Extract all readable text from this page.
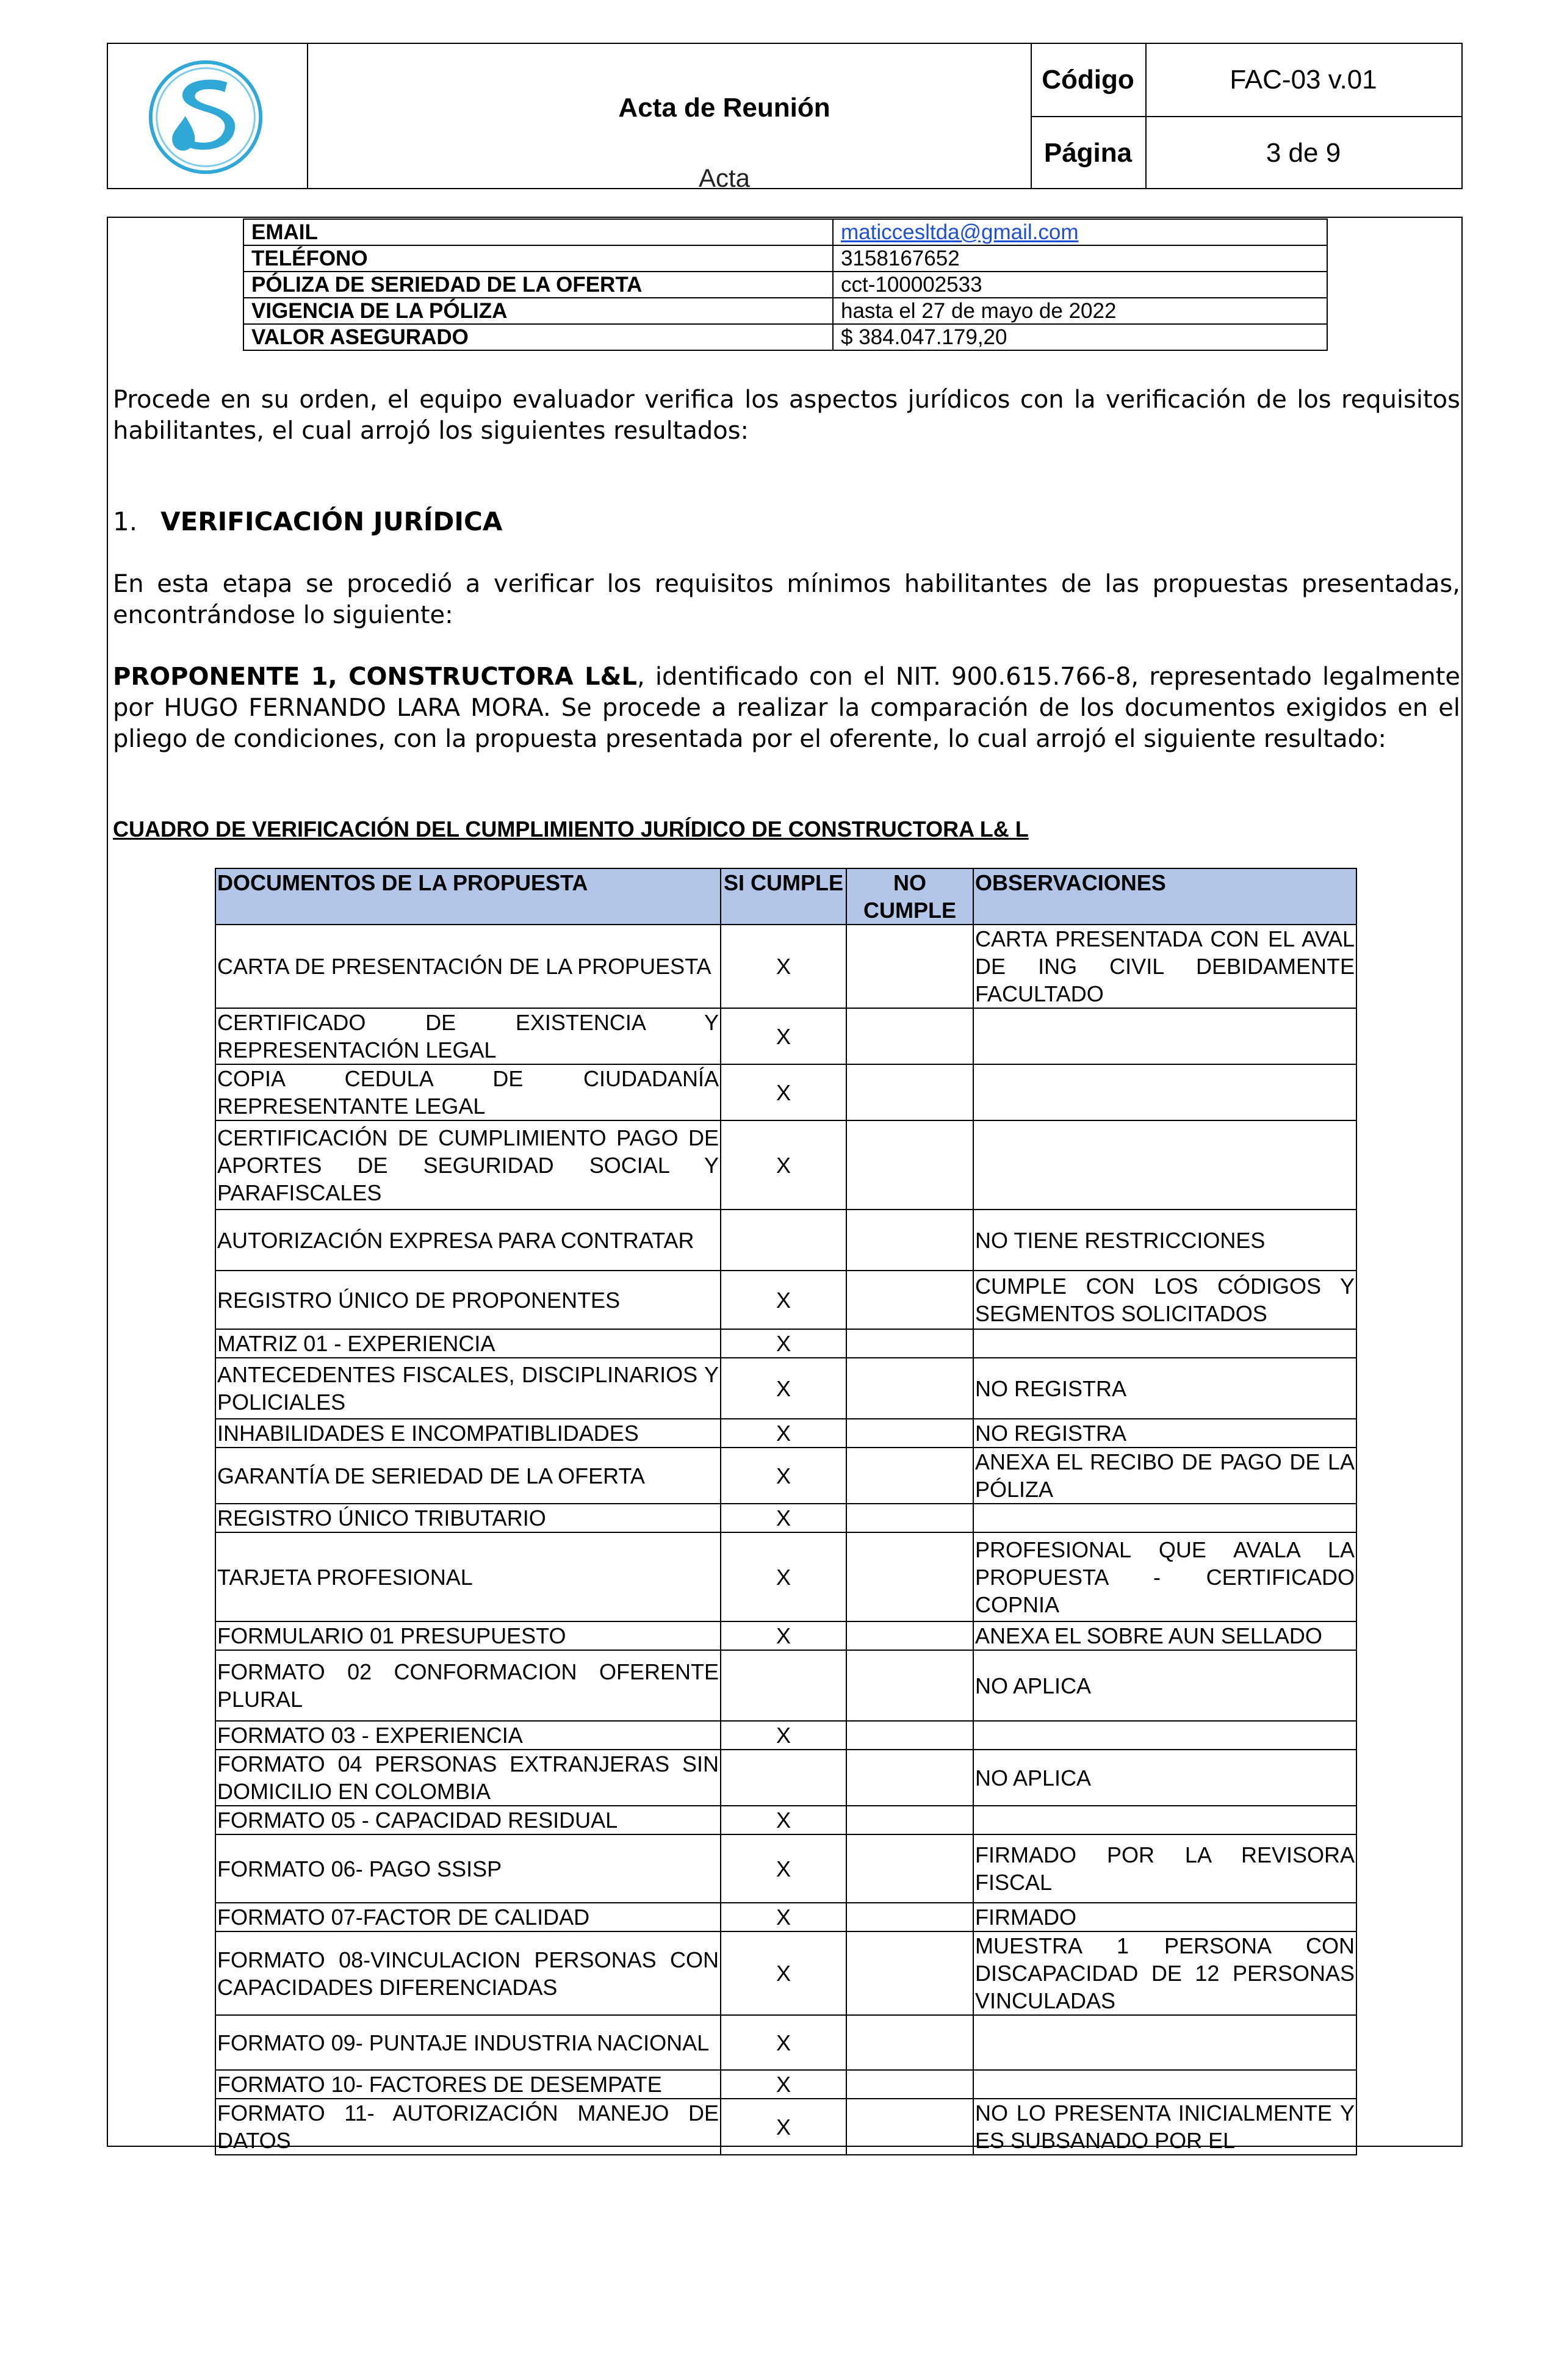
Acta de Reunión
Acta
Código	FAC-03 v.01
Página	3 de 9
EMAIL	maticcesltda@gmail.com
TELÉFONO	3158167652
PÓLIZA DE SERIEDAD DE LA OFERTA	cct-100002533
VIGENCIA DE LA PÓLIZA	hasta el 27 de mayo de 2022
VALOR ASEGURADO	$ 384.047.179,20

Procede en su orden, el equipo evaluador verifica los aspectos jurídicos con la verificación de los requisitos habilitantes, el cual arrojó los siguientes resultados:

1. VERIFICACIÓN JURÍDICA

En esta etapa se procedió a verificar los requisitos mínimos habilitantes de las propuestas presentadas, encontrándose lo siguiente:

PROPONENTE 1, CONSTRUCTORA L&L, identificado con el NIT. 900.615.766-8, representado legalmente por HUGO FERNANDO LARA MORA. Se procede a realizar la comparación de los documentos exigidos en el pliego de condiciones, con la propuesta presentada por el oferente, lo cual arrojó el siguiente resultado:

CUADRO DE VERIFICACIÓN DEL CUMPLIMIENTO JURÍDICO DE CONSTRUCTORA L& L
DOCUMENTOS DE LA PROPUESTA	SI CUMPLE	NO CUMPLE	OBSERVACIONES
CARTA DE PRESENTACIÓN DE LA PROPUESTA	X		CARTA PRESENTADA CON EL AVAL DE ING CIVIL DEBIDAMENTE FACULTADO
CERTIFICADO DE EXISTENCIA Y REPRESENTACIÓN LEGAL	X		
COPIA CEDULA DE CIUDADANÍA REPRESENTANTE LEGAL	X		
CERTIFICACIÓN DE CUMPLIMIENTO PAGO DE APORTES DE SEGURIDAD SOCIAL Y PARAFISCALES	X		
AUTORIZACIÓN EXPRESA PARA CONTRATAR			NO TIENE RESTRICCIONES
REGISTRO ÚNICO DE PROPONENTES	X		CUMPLE CON LOS CÓDIGOS Y SEGMENTOS SOLICITADOS
MATRIZ 01 - EXPERIENCIA	X		
ANTECEDENTES FISCALES, DISCIPLINARIOS Y POLICIALES	X		NO REGISTRA
INHABILIDADES E INCOMPATIBLIDADES	X		NO REGISTRA
GARANTÍA DE SERIEDAD DE LA OFERTA	X		ANEXA EL RECIBO DE PAGO DE LA PÓLIZA
REGISTRO ÚNICO TRIBUTARIO	X		
TARJETA PROFESIONAL	X		PROFESIONAL QUE AVALA LA PROPUESTA - CERTIFICADO COPNIA
FORMULARIO 01 PRESUPUESTO	X		ANEXA EL SOBRE AUN SELLADO
FORMATO 02 CONFORMACION OFERENTE PLURAL			NO APLICA
FORMATO 03 - EXPERIENCIA	X		
FORMATO 04 PERSONAS EXTRANJERAS SIN DOMICILIO EN COLOMBIA			NO APLICA
FORMATO 05 - CAPACIDAD RESIDUAL	X		
FORMATO 06- PAGO SSISP	X		FIRMADO POR LA REVISORA FISCAL
FORMATO 07-FACTOR DE CALIDAD	X		FIRMADO
FORMATO 08-VINCULACION PERSONAS CON CAPACIDADES DIFERENCIADAS	X		MUESTRA 1 PERSONA CON DISCAPACIDAD DE 12 PERSONAS VINCULADAS
FORMATO 09- PUNTAJE INDUSTRIA NACIONAL	X		
FORMATO 10- FACTORES DE DESEMPATE	X		
FORMATO 11- AUTORIZACIÓN MANEJO DE DATOS	X		NO LO PRESENTA INICIALMENTE Y ES SUBSANADO POR EL
